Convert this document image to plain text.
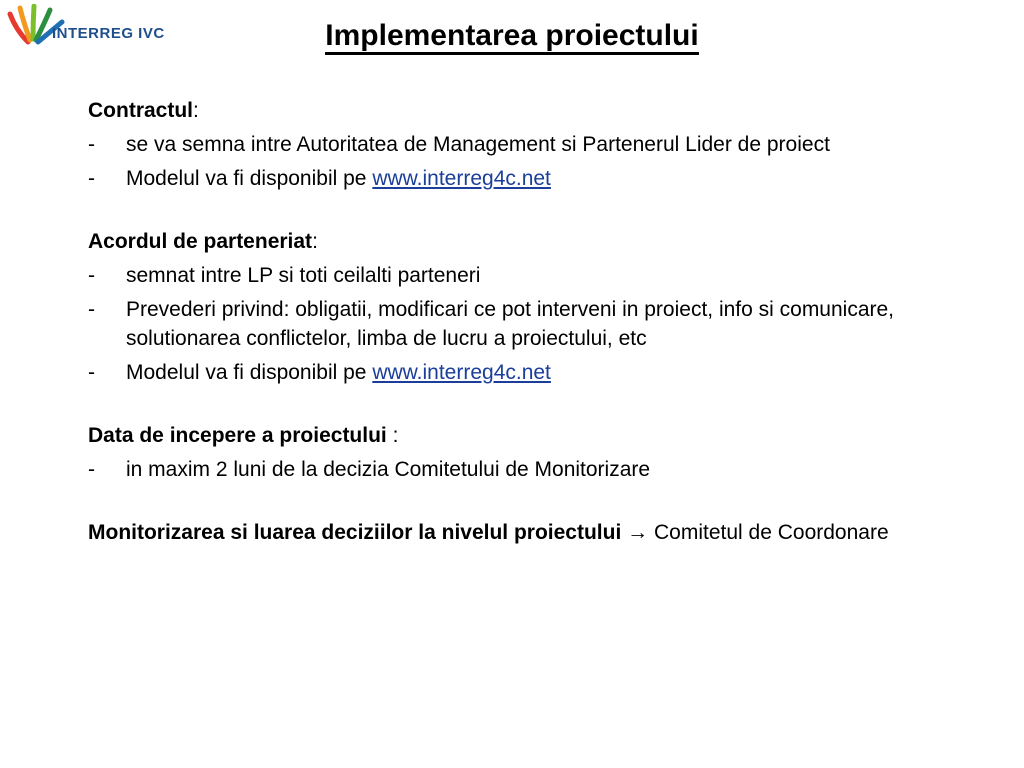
INTERREG IVC	Implementarea proiectului

Contractul:

- se va semna intre Autoritatea de Management si Partenerul Lider de proiect

- Modelul va fi disponibil pe www.interreg4c.net

Acordul de parteneriat:

- semnat intre LP si toti ceilalti parteneri

- Prevederi privind: obligatii, modificari ce pot interveni in proiect, info si comunicare, solutionarea conflictelor, limba de lucru a proiectului, etc

- Modelul va fi disponibil pe www.interreg4c.net

Data de incepere a proiectului :

- in maxim 2 luni de la decizia Comitetului de Monitorizare

Monitorizarea si luarea deciziilor la nivelul proiectului → Comitetul de Coordonare
